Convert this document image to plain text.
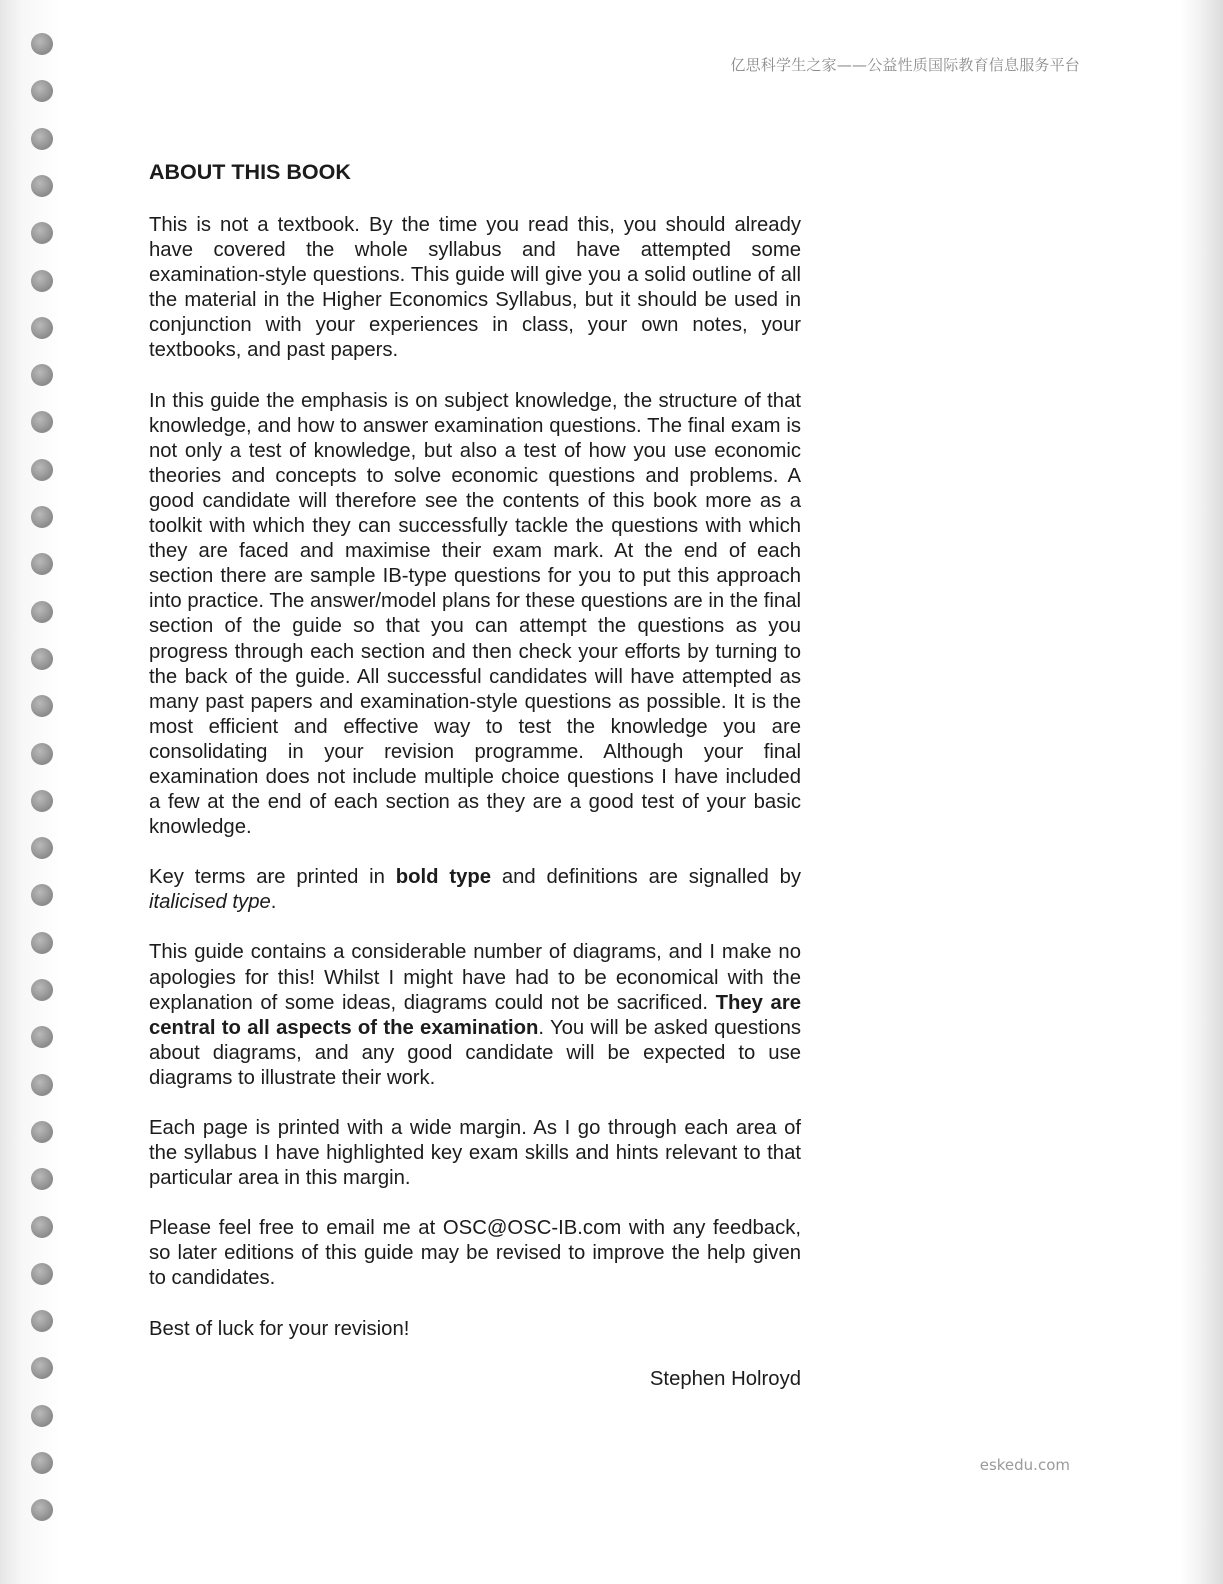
亿思科学生之家——公益性质国际教育信息服务平台
ABOUT THIS BOOK

This is not a textbook. By the time you read this, you should already have covered the whole syllabus and have attempted some examination-style questions. This guide will give you a solid outline of all the material in the Higher Economics Syllabus, but it should be used in conjunction with your experiences in class, your own notes, your textbooks, and past papers.

In this guide the emphasis is on subject knowledge, the structure of that knowledge, and how to answer examination questions. The final exam is not only a test of knowledge, but also a test of how you use economic theories and concepts to solve economic questions and problems. A good candidate will therefore see the contents of this book more as a toolkit with which they can successfully tackle the questions with which they are faced and maximise their exam mark. At the end of each section there are sample IB-type questions for you to put this approach into practice. The answer/model plans for these questions are in the final section of the guide so that you can attempt the questions as you progress through each section and then check your efforts by turning to the back of the guide. All successful candidates will have attempted as many past papers and examination-style questions as possible. It is the most efficient and effective way to test the knowledge you are consolidating in your revision programme. Although your final examination does not include multiple choice questions I have included a few at the end of each section as they are a good test of your basic knowledge.

Key terms are printed in bold type and definitions are signalled by italicised type.

This guide contains a considerable number of diagrams, and I make no apologies for this! Whilst I might have had to be economical with the explanation of some ideas, diagrams could not be sacrificed. They are central to all aspects of the examination. You will be asked questions about diagrams, and any good candidate will be expected to use diagrams to illustrate their work.

Each page is printed with a wide margin. As I go through each area of the syllabus I have highlighted key exam skills and hints relevant to that particular area in this margin.

Please feel free to email me at OSC@OSC-IB.com with any feedback, so later editions of this guide may be revised to improve the help given to candidates.

Best of luck for your revision!

Stephen Holroyd
eskedu.com
